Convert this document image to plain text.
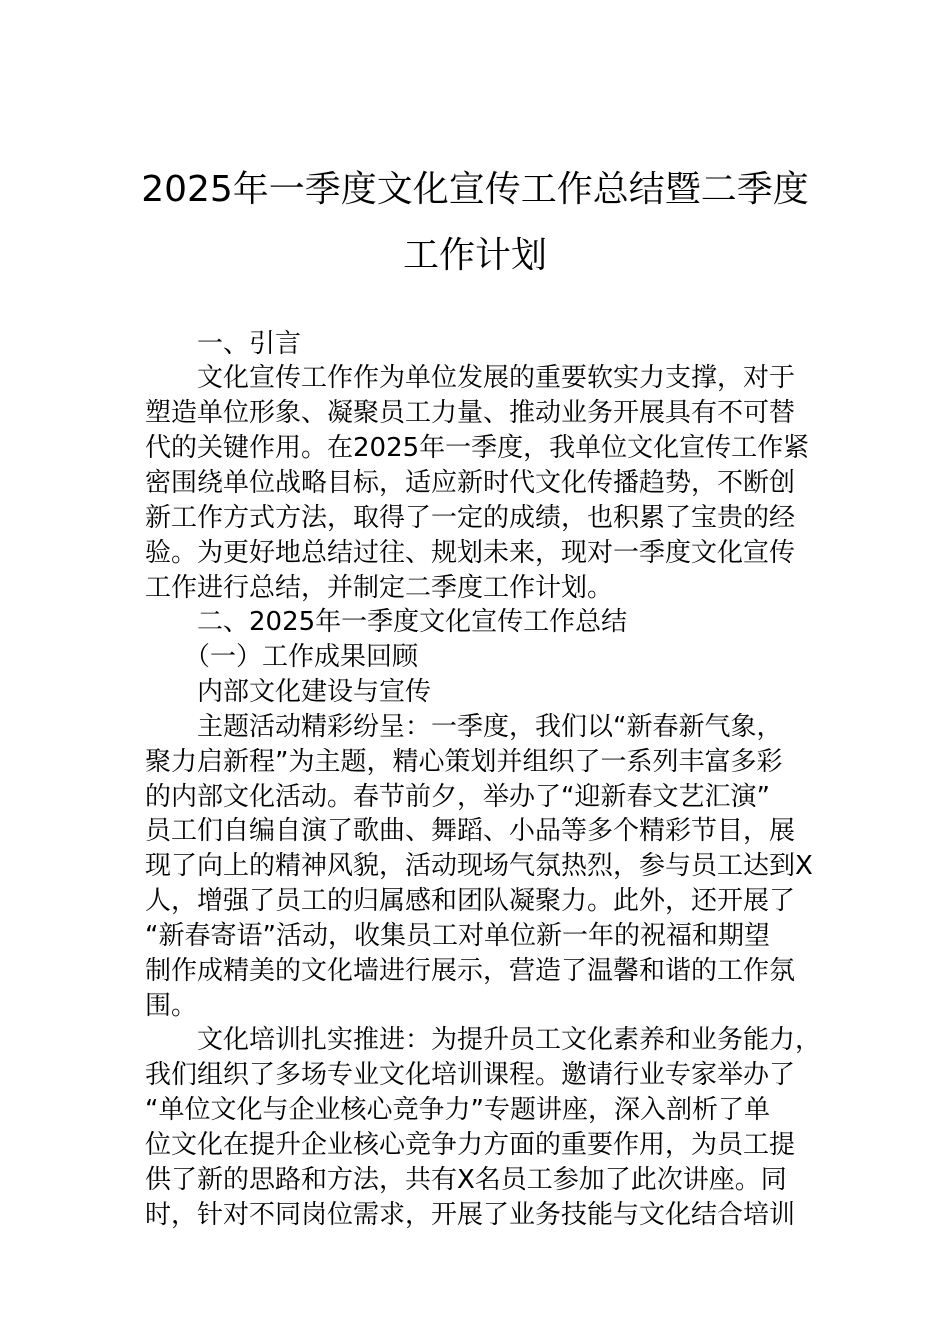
2025年一季度文化宣传工作总结暨二季度
工作计划
　　一、引言
　　文化宣传工作作为单位发展的重要软实力支撑，对于
塑造单位形象、凝聚员工力量、推动业务开展具有不可替
代的关键作用。在2025年一季度，我单位文化宣传工作紧
密围绕单位战略目标，适应新时代文化传播趋势，不断创
新工作方式方法，取得了一定的成绩，也积累了宝贵的经
验。为更好地总结过往、规划未来，现对一季度文化宣传
工作进行总结，并制定二季度工作计划。
　　二、2025年一季度文化宣传工作总结
　　（一）工作成果回顾
　　内部文化建设与宣传
　　主题活动精彩纷呈：一季度，我们以“新春新气象，
聚力启新程”为主题，精心策划并组织了一系列丰富多彩
的内部文化活动。春节前夕，举办了“迎新春文艺汇演”
员工们自编自演了歌曲、舞蹈、小品等多个精彩节目，展
现了向上的精神风貌，活动现场气氛热烈，参与员工达到X
人，增强了员工的归属感和团队凝聚力。此外，还开展了
“新春寄语”活动，收集员工对单位新一年的祝福和期望
制作成精美的文化墙进行展示，营造了温馨和谐的工作氛
围。
　　文化培训扎实推进：为提升员工文化素养和业务能力，
我们组织了多场专业文化培训课程。邀请行业专家举办了
“单位文化与企业核心竞争力”专题讲座，深入剖析了单
位文化在提升企业核心竞争力方面的重要作用，为员工提
供了新的思路和方法，共有X名员工参加了此次讲座。同
时，针对不同岗位需求，开展了业务技能与文化结合培训
